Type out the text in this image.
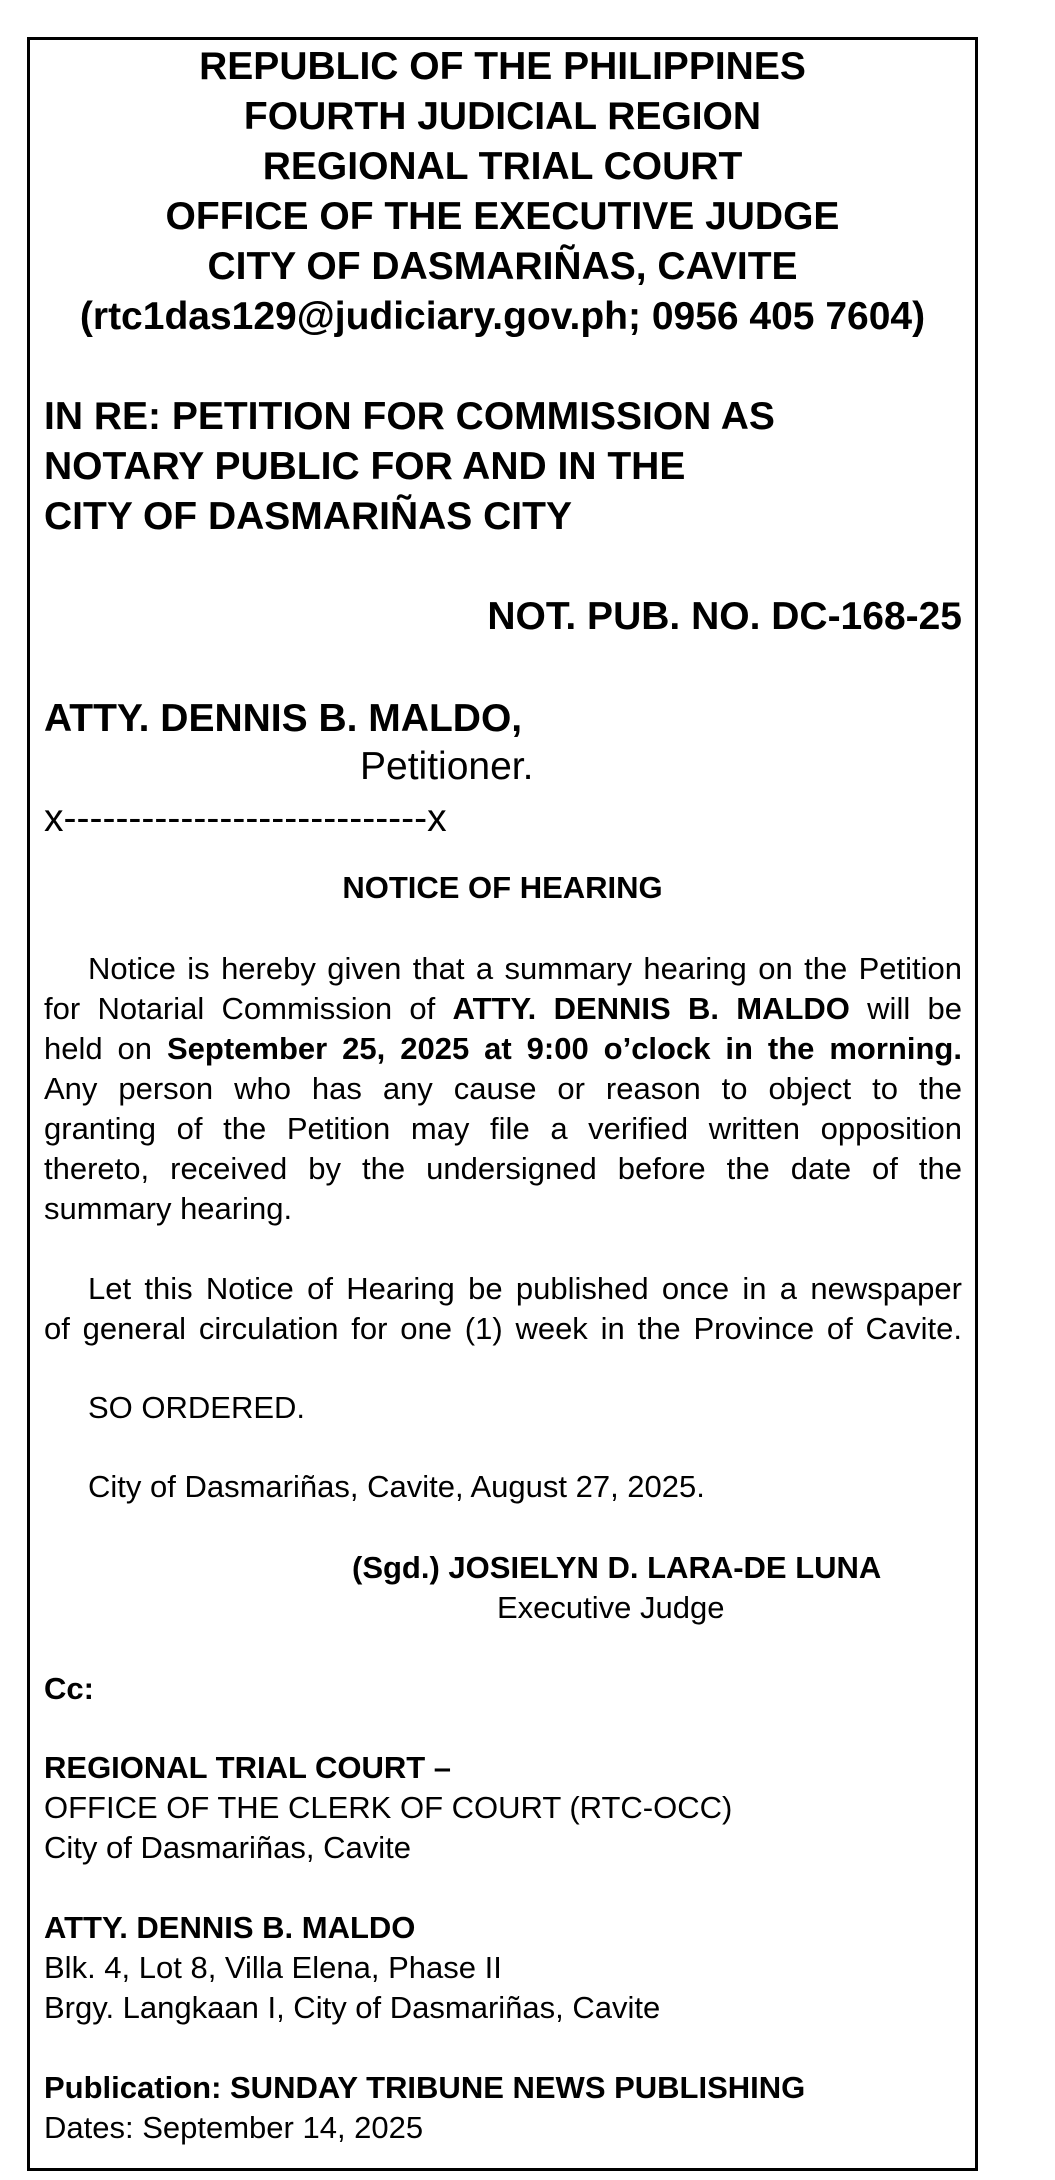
REPUBLIC OF THE PHILIPPINES
FOURTH JUDICIAL REGION
REGIONAL TRIAL COURT
OFFICE OF THE EXECUTIVE JUDGE
CITY OF DASMARIÑAS, CAVITE
(rtc1das129@judiciary.gov.ph; 0956 405 7604)
IN RE: PETITION FOR COMMISSION AS
NOTARY PUBLIC FOR AND IN THE
CITY OF DASMARIÑAS CITY
NOT. PUB. NO. DC-168-25
ATTY. DENNIS B. MALDO,
Petitioner.
x----------------------------x
NOTICE OF HEARING
Notice is hereby given that a summary hearing on the Petition
for Notarial Commission of ATTY. DENNIS B. MALDO will be
held on September 25, 2025 at 9:00 o’clock in the morning.
Any person who has any cause or reason to object to the
granting of the Petition may file a verified written opposition
thereto, received by the undersigned before the date of the
summary hearing.
Let this Notice of Hearing be published once in a newspaper
of general circulation for one (1) week in the Province of Cavite.
SO ORDERED.
City of Dasmariñas, Cavite, August 27, 2025.
(Sgd.) JOSIELYN D. LARA-DE LUNA
Executive Judge
Cc:
REGIONAL TRIAL COURT –
OFFICE OF THE CLERK OF COURT (RTC-OCC)
City of Dasmariñas, Cavite
ATTY. DENNIS B. MALDO
Blk. 4, Lot 8, Villa Elena, Phase II
Brgy. Langkaan I, City of Dasmariñas, Cavite
Publication: SUNDAY TRIBUNE NEWS PUBLISHING
Dates: September 14, 2025
